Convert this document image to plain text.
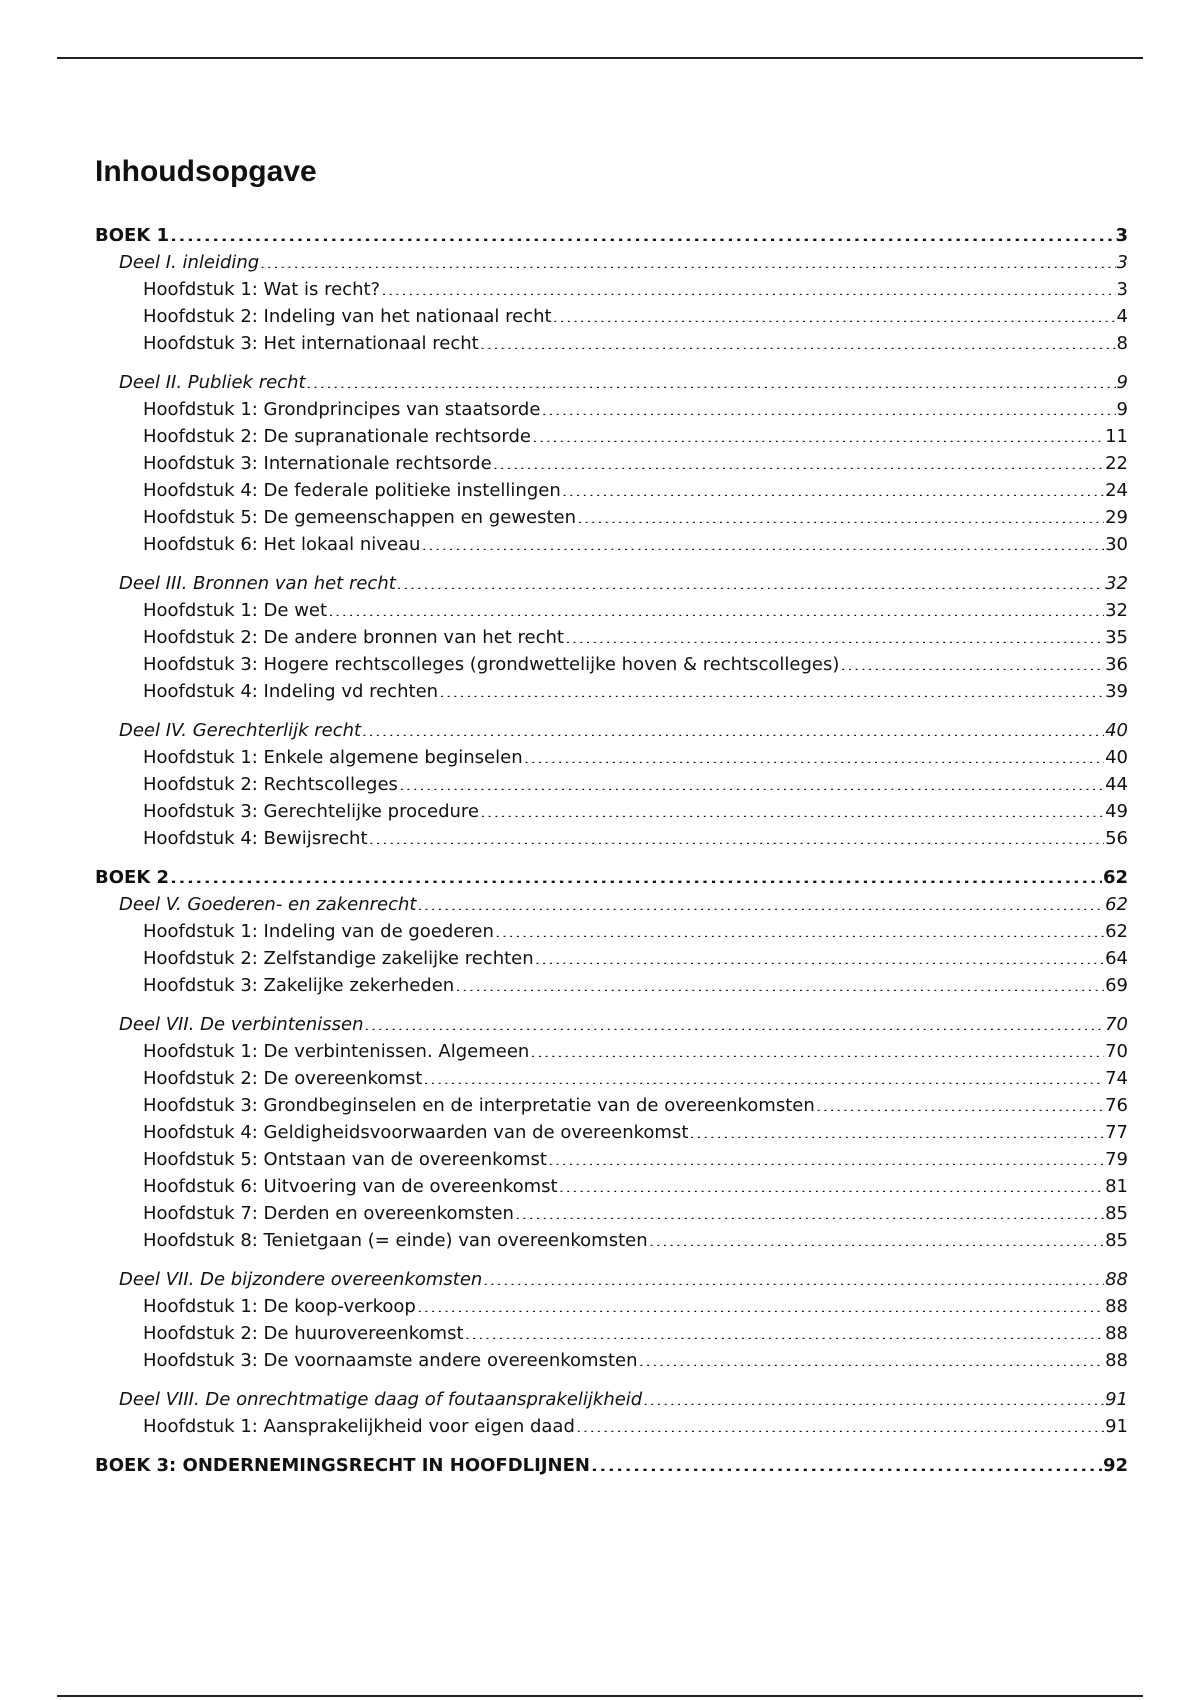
Inhoudsopgave
BOEK 1 .....	3
Deel I. inleiding .....	3
Hoofdstuk 1: Wat is recht? .....	3
Hoofdstuk 2: Indeling van het nationaal recht .....	4
Hoofdstuk 3: Het internationaal recht .....	8
Deel II. Publiek recht .....	9
Hoofdstuk 1: Grondprincipes van staatsorde .....	9
Hoofdstuk 2: De supranationale rechtsorde .....	11
Hoofdstuk 3: Internationale rechtsorde .....	22
Hoofdstuk 4: De federale politieke instellingen .....	24
Hoofdstuk 5: De gemeenschappen en gewesten .....	29
Hoofdstuk 6: Het lokaal niveau .....	30
Deel III. Bronnen van het recht .....	32
Hoofdstuk 1: De wet .....	32
Hoofdstuk 2: De andere bronnen van het recht .....	35
Hoofdstuk 3: Hogere rechtscolleges (grondwettelijke hoven & rechtscolleges) .....	36
Hoofdstuk 4: Indeling vd rechten .....	39
Deel IV. Gerechterlijk recht .....	40
Hoofdstuk 1: Enkele algemene beginselen .....	40
Hoofdstuk 2: Rechtscolleges .....	44
Hoofdstuk 3: Gerechtelijke procedure .....	49
Hoofdstuk 4: Bewijsrecht .....	56
BOEK 2 .....	62
Deel V. Goederen- en zakenrecht .....	62
Hoofdstuk 1: Indeling van de goederen .....	62
Hoofdstuk 2: Zelfstandige zakelijke rechten .....	64
Hoofdstuk 3: Zakelijke zekerheden .....	69
Deel VII. De verbintenissen .....	70
Hoofdstuk 1: De verbintenissen. Algemeen .....	70
Hoofdstuk 2: De overeenkomst .....	74
Hoofdstuk 3: Grondbeginselen en de interpretatie van de overeenkomsten .....	76
Hoofdstuk 4: Geldigheidsvoorwaarden van de overeenkomst .....	77
Hoofdstuk 5: Ontstaan van de overeenkomst .....	79
Hoofdstuk 6: Uitvoering van de overeenkomst .....	81
Hoofdstuk 7: Derden en overeenkomsten .....	85
Hoofdstuk 8: Tenietgaan (= einde) van overeenkomsten .....	85
Deel VII. De bijzondere overeenkomsten .....	88
Hoofdstuk 1: De koop-verkoop .....	88
Hoofdstuk 2: De huurovereenkomst .....	88
Hoofdstuk 3: De voornaamste andere overeenkomsten .....	88
Deel VIII. De onrechtmatige daag of foutaansprakelijkheid .....	91
Hoofdstuk 1: Aansprakelijkheid voor eigen daad .....	91
BOEK 3: ONDERNEMINGSRECHT IN HOOFDLIJNEN .....	92
